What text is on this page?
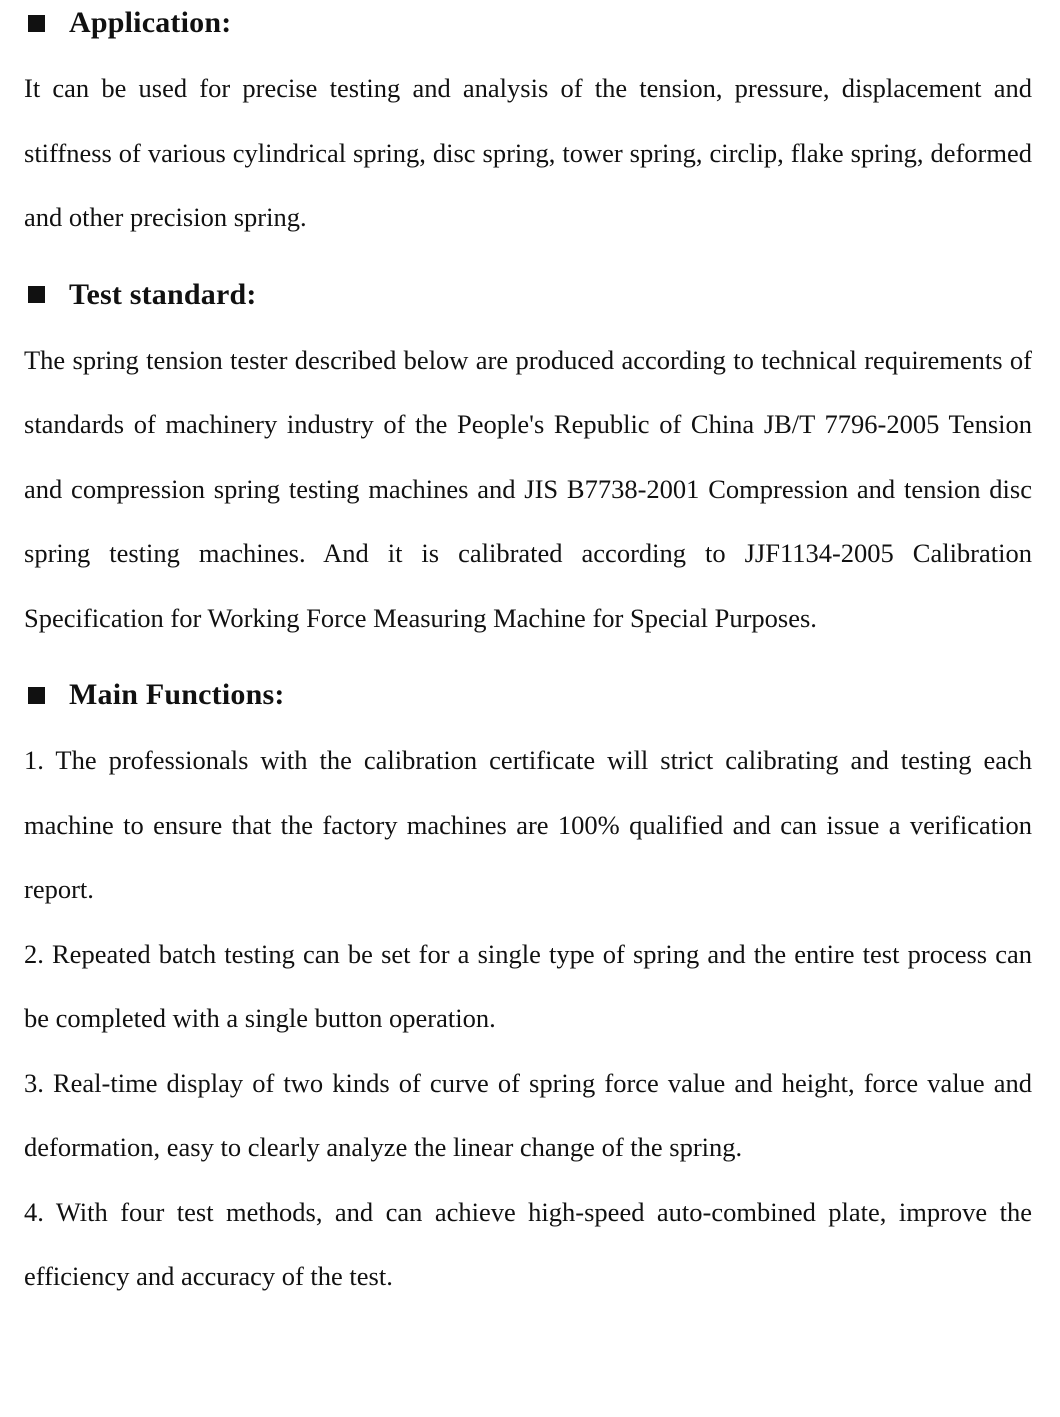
Application:

It can be used for precise testing and analysis of the tension, pressure, displacement and stiffness of various cylindrical spring, disc spring, tower spring, circlip, flake spring, deformed and other precision spring.

Test standard:

The spring tension tester described below are produced according to technical requirements of standards of machinery industry of the People's Republic of China JB/T 7796-2005 Tension and compression spring testing machines and JIS B7738-2001 Compression and tension disc spring testing machines. And it is calibrated according to JJF1134-2005 Calibration Specification for Working Force Measuring Machine for Special Purposes.

Main Functions:

1. The professionals with the calibration certificate will strict calibrating and testing each machine to ensure that the factory machines are 100% qualified and can issue a verification report.

2. Repeated batch testing can be set for a single type of spring and the entire test process can be completed with a single button operation.

3. Real-time display of two kinds of curve of spring force value and height, force value and deformation, easy to clearly analyze the linear change of the spring.

4. With four test methods, and can achieve high-speed auto-combined plate, improve the efficiency and accuracy of the test.
